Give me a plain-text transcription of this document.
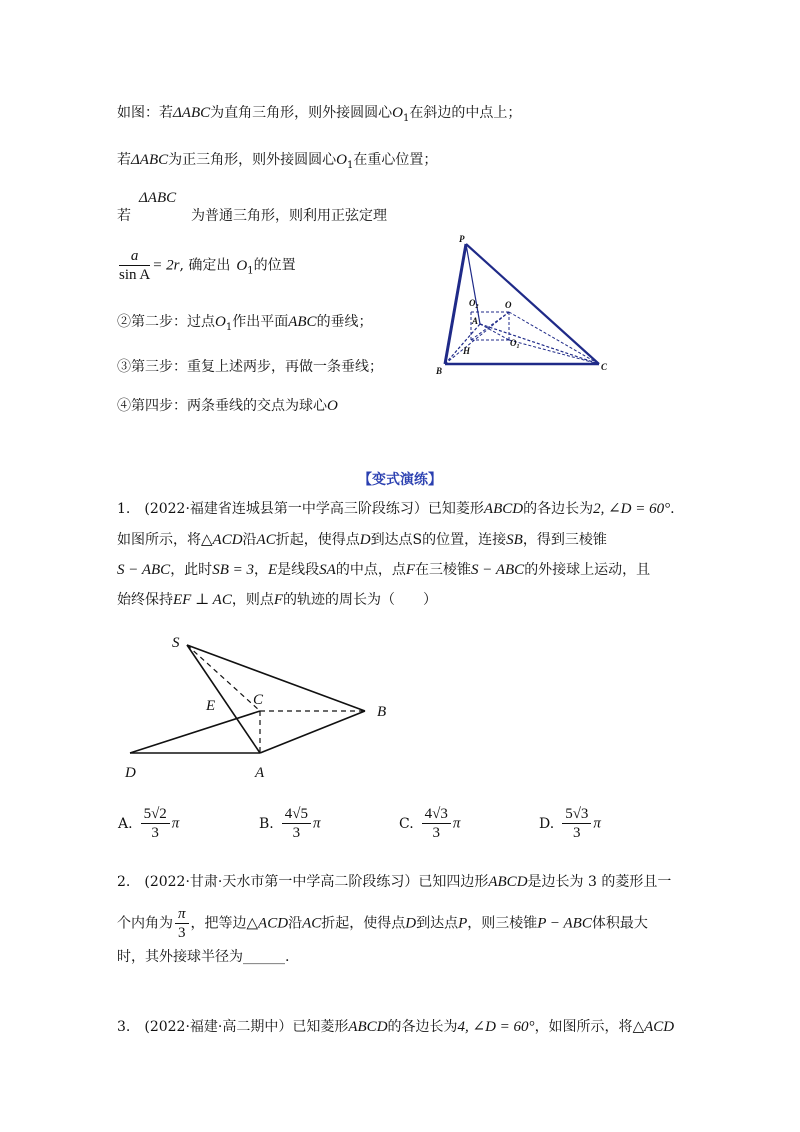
如图：若ΔABC为直角三角形，则外接圆圆心$O_1$在斜边的中点上；
若ΔABC为正三角形，则外接圆圆心$O_1$在重心位置；
ΔABC
若	为普通三角形，则利用正弦定理
$\frac{a}{\text{sin A}} = 2r$, 确定出 $O_1$的位置
②第二步：过点$O_1$作出平面ABC的垂线；
③第三步：重复上述两步，再做一条垂线；
④第四步：两条垂线的交点为球心O
P
B	C
$O_2$	O
A
$O_1$
H
【变式演练】
1.　(2022·福建省连城县第一中学高三阶段练习）已知菱形ABCD的各边长为2, ∠D = 60°.
如图所示，将△ACD沿AC折起，使得点D到达点S的位置，连接SB，得到三棱锥
S − ABC，此时SB = 3，E是线段SA的中点，点F在三棱锥S − ABC的外接球上运动，且
始终保持EF ⊥ AC，则点F的轨迹的周长为（　　）
S
C
E	B
D	A
A. $\frac{5√2}{3}$ π	B. $\frac{4√5}{3}$ π	C. $\frac{4√3}{3}$ π	D. $\frac{5√3}{3}$ π
2.　(2022·甘肃·天水市第一中学高二阶段练习）已知四边形ABCD是边长为 3 的菱形且一
个内角为 $\frac{\pi}{3}$ ，把等边△ACD沿AC折起，使得点D到达点P，则三棱锥P − ABC体积最大
时，其外接球半径为______.
3.　(2022·福建·高二期中）已知菱形ABCD的各边长为4, ∠D = 60°，如图所示，将△ACD
